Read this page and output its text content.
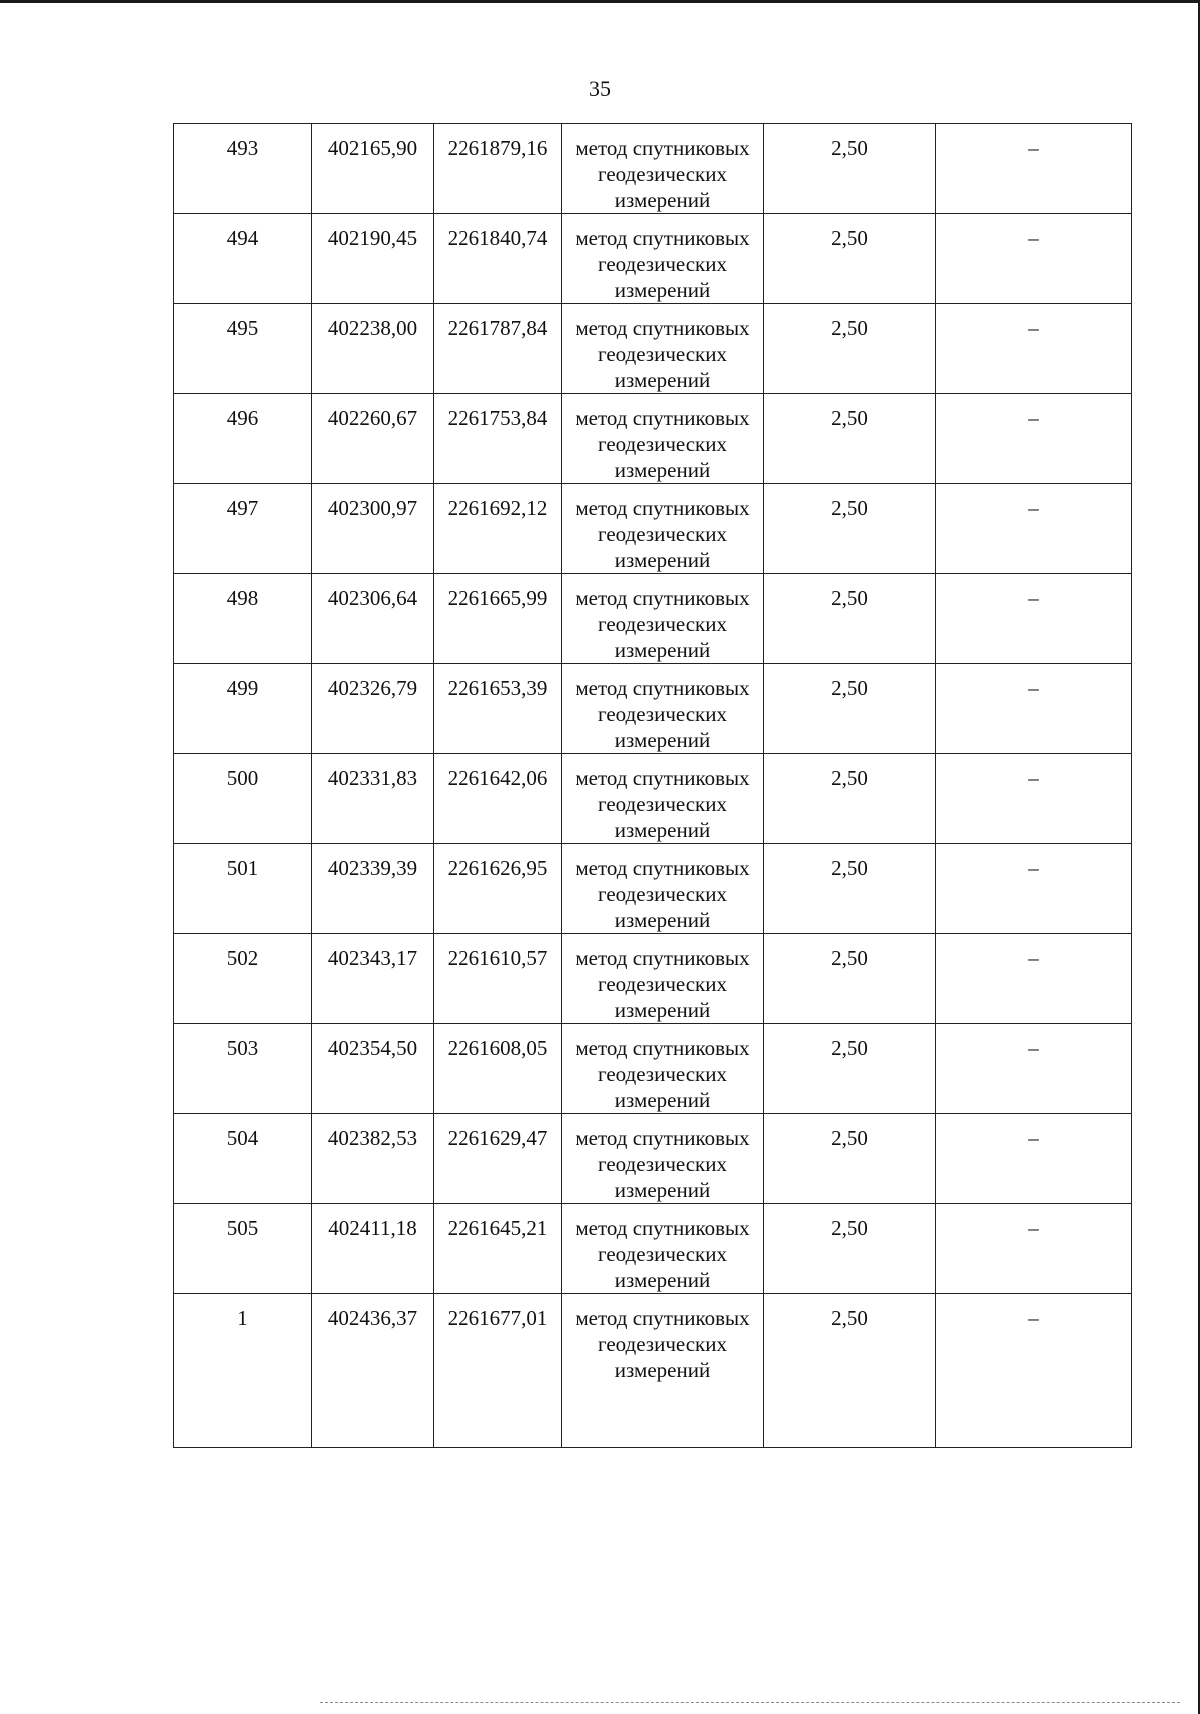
35
493	402165,90	2261879,16	метод спутниковых геодезических измерений	2,50	–
494	402190,45	2261840,74	метод спутниковых геодезических измерений	2,50	–
495	402238,00	2261787,84	метод спутниковых геодезических измерений	2,50	–
496	402260,67	2261753,84	метод спутниковых геодезических измерений	2,50	–
497	402300,97	2261692,12	метод спутниковых геодезических измерений	2,50	–
498	402306,64	2261665,99	метод спутниковых геодезических измерений	2,50	–
499	402326,79	2261653,39	метод спутниковых геодезических измерений	2,50	–
500	402331,83	2261642,06	метод спутниковых геодезических измерений	2,50	–
501	402339,39	2261626,95	метод спутниковых геодезических измерений	2,50	–
502	402343,17	2261610,57	метод спутниковых геодезических измерений	2,50	–
503	402354,50	2261608,05	метод спутниковых геодезических измерений	2,50	–
504	402382,53	2261629,47	метод спутниковых геодезических измерений	2,50	–
505	402411,18	2261645,21	метод спутниковых геодезических измерений	2,50	–
1	402436,37	2261677,01	метод спутниковых геодезических измерений	2,50	–
